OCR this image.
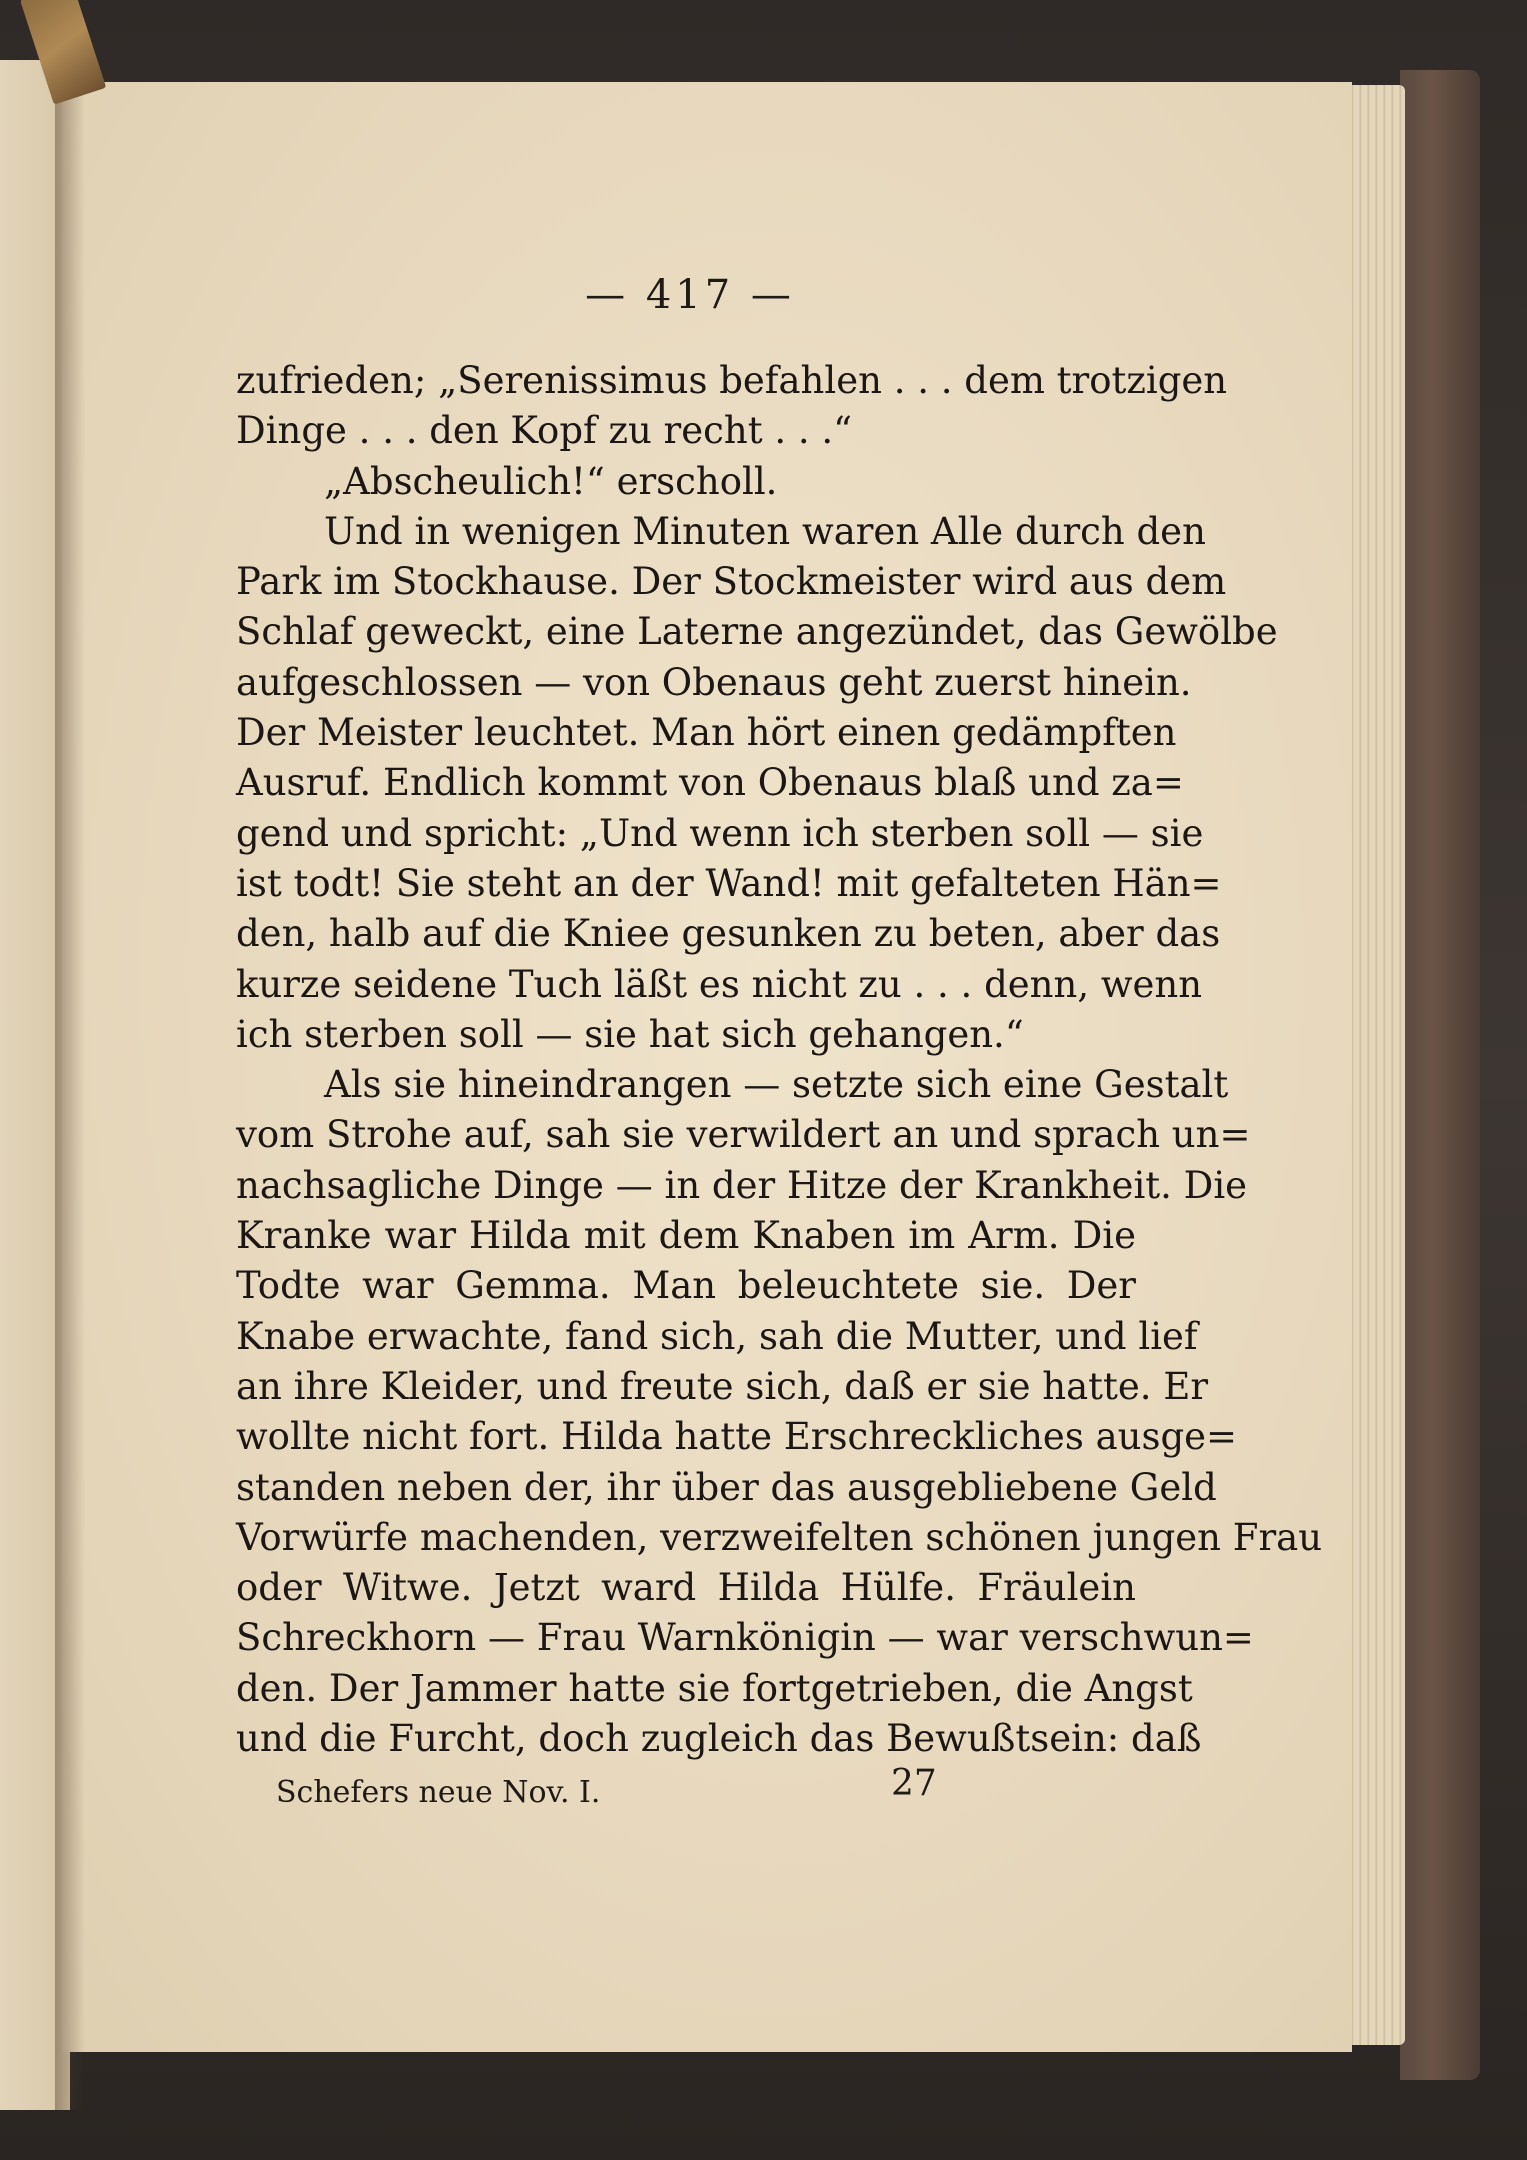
— 417 —
zufrieden; „Serenissimus befahlen . . . dem trotzigen
Dinge . . . den Kopf zu recht . . .“
„Abscheulich!“ erscholl.
Und in wenigen Minuten waren Alle durch den
Park im Stockhause. Der Stockmeister wird aus dem
Schlaf geweckt, eine Laterne angezündet, das Gewölbe
aufgeschlossen — von Obenaus geht zuerst hinein.
Der Meister leuchtet. Man hört einen gedämpften
Ausruf. Endlich kommt von Obenaus blaß und za=
gend und spricht: „Und wenn ich sterben soll — sie
ist todt! Sie steht an der Wand! mit gefalteten Hän=
den, halb auf die Kniee gesunken zu beten, aber das
kurze seidene Tuch läßt es nicht zu . . . denn, wenn
ich sterben soll — sie hat sich gehangen.“
Als sie hineindrangen — setzte sich eine Gestalt
vom Strohe auf, sah sie verwildert an und sprach un=
nachsagliche Dinge — in der Hitze der Krankheit. Die
Kranke war Hilda mit dem Knaben im Arm. Die
Todte war Gemma. Man beleuchtete sie. Der
Knabe erwachte, fand sich, sah die Mutter, und lief
an ihre Kleider, und freute sich, daß er sie hatte. Er
wollte nicht fort. Hilda hatte Erschreckliches ausge=
standen neben der, ihr über das ausgebliebene Geld
Vorwürfe machenden, verzweifelten schönen jungen Frau
oder Witwe. Jetzt ward Hilda Hülfe. Fräulein
Schreckhorn — Frau Warnkönigin — war verschwun=
den. Der Jammer hatte sie fortgetrieben, die Angst
und die Furcht, doch zugleich das Bewußtsein: daß
Schefers neue Nov. I.	27
